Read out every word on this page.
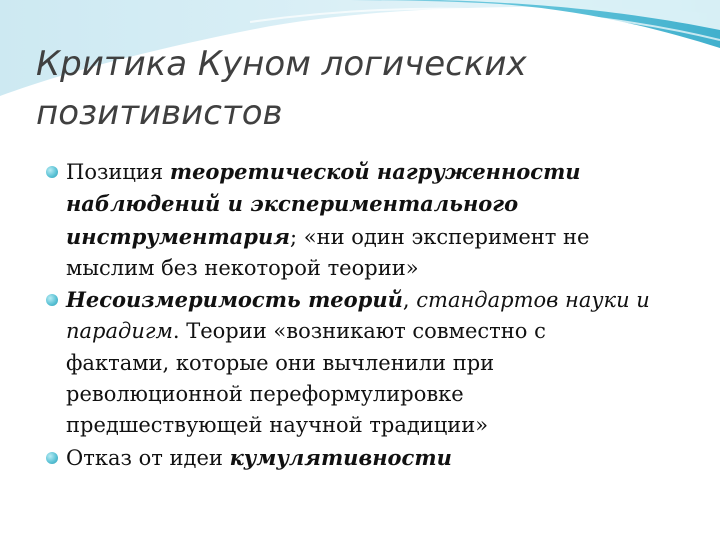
Критика Куном логических
позитивистов
Позиция теоретической нагруженности
наблюдений и экспериментального
инструментария; «ни один эксперимент не
мыслим без некоторой теории»
Несоизмеримость теорий, стандартов науки и
парадигм. Теории «возникают совместно с
фактами, которые они вычленили при
революционной переформулировке
предшествующей научной традиции»
Отказ от идеи кумулятивности
